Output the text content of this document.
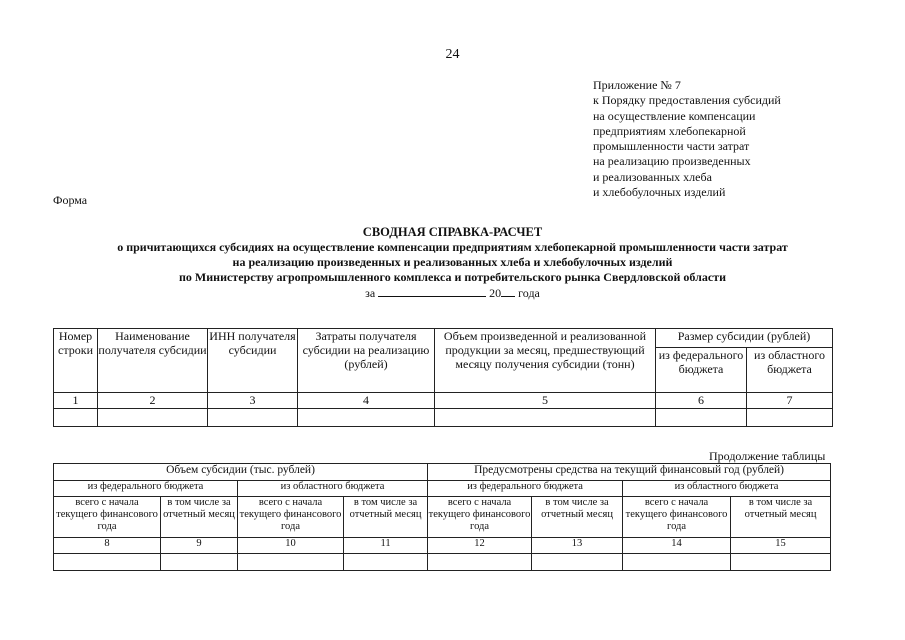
24
Приложение № 7
к Порядку предоставления субсидий
на осуществление компенсации
предприятиям хлебопекарной
промышленности части затрат
на реализацию произведенных
и реализованных хлеба
и хлебобулочных изделий
Форма
СВОДНАЯ СПРАВКА-РАСЧЕТ
о причитающихся субсидиях на осуществление компенсации предприятиям хлебопекарной промышленности части затрат
на реализацию произведенных и реализованных хлеба и хлебобулочных изделий
по Министерству агропромышленного комплекса и потребительского рынка Свердловской области
за	20 года
Номер строки	Наименование получателя субсидии	ИНН получателя субсидии	Затраты получателя субсидии на реализацию (рублей)	Объем произведенной и реализованной продукции за месяц, предшествующий месяцу получения субсидии (тонн)	Размер субсидии (рублей)	
					из федерального бюджета	из областного бюджета
1	2	3	4	5	6	7

Продолжение таблицы
Объем субсидии (тыс. рублей)				Предусмотрены средства на текущий финансовый год (рублей)			
из федерального бюджета		из областного бюджета		из федерального бюджета		из областного бюджета	
всего с начала текущего финансового года	в том числе за отчетный месяц	всего с начала текущего финансового года	в том числе за отчетный месяц	всего с начала текущего финансового года	в том числе за отчетный месяц	всего с начала текущего финансового года	в том числе за отчетный месяц
8	9	10	11	12	13	14	15
